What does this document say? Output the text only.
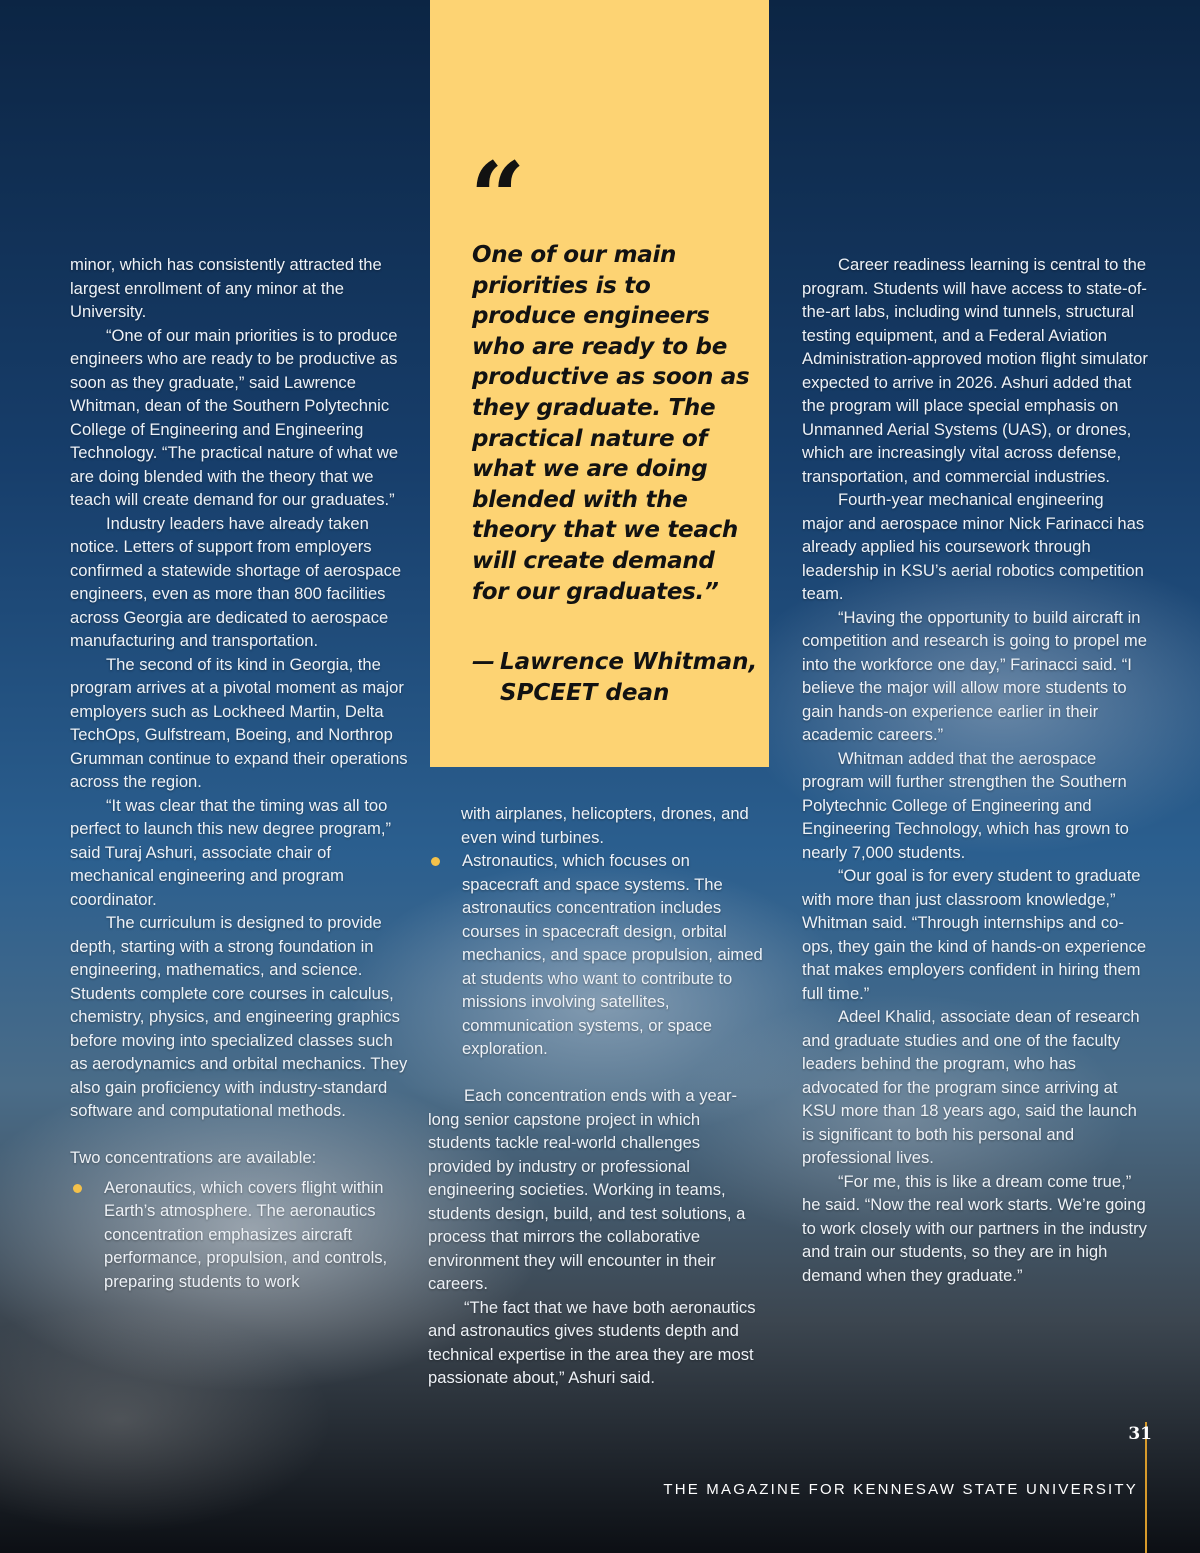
minor, which has consistently attracted the largest enrollment of any minor at the University.

“One of our main priorities is to produce engineers who are ready to be productive as soon as they graduate,” said Lawrence Whitman, dean of the Southern Polytechnic College of Engineering and Engineering Technology. “The practical nature of what we are doing blended with the theory that we teach will create demand for our graduates.”

Industry leaders have already taken notice. Letters of support from employers confirmed a statewide shortage of aerospace engineers, even as more than 800 facilities across Georgia are dedicated to aerospace manufacturing and transportation.

The second of its kind in Georgia, the program arrives at a pivotal moment as major employers such as Lockheed Martin, Delta TechOps, Gulfstream, Boeing, and Northrop Grumman continue to expand their operations across the region.

“It was clear that the timing was all too perfect to launch this new degree program,” said Turaj Ashuri, associate chair of mechanical engineering and program coordinator.

The curriculum is designed to provide depth, starting with a strong foundation in engineering, mathematics, and science. Students complete core courses in calculus, chemistry, physics, and engineering graphics before moving into specialized classes such as aerodynamics and orbital mechanics. They also gain proficiency with industry-standard software and computational methods.

Two concentrations are available:

Aeronautics, which covers flight within Earth’s atmosphere. The aeronautics concentration emphasizes aircraft performance, propulsion, and controls, preparing students to work
“
One of our main priorities is to produce engineers who are ready to be productive as soon as they graduate. The practical nature of what we are doing blended with the theory that we teach will create demand for our graduates.”
— Lawrence Whitman,
SPCEET dean

with airplanes, helicopters, drones, and even wind turbines.

Astronautics, which focuses on spacecraft and space systems. The astronautics concentration includes courses in spacecraft design, orbital mechanics, and space propulsion, aimed at students who want to contribute to missions involving satellites, communication systems, or space exploration.

Each concentration ends with a year-long senior capstone project in which students tackle real-world challenges provided by industry or professional engineering societies. Working in teams, students design, build, and test solutions, a process that mirrors the collaborative environment they will encounter in their careers.

“The fact that we have both aeronautics and astronautics gives students depth and technical expertise in the area they are most passionate about,” Ashuri said.

Career readiness learning is central to the program. Students will have access to state-of-the-art labs, including wind tunnels, structural testing equipment, and a Federal Aviation Administration-approved motion flight simulator expected to arrive in 2026. Ashuri added that the program will place special emphasis on Unmanned Aerial Systems (UAS), or drones, which are increasingly vital across defense, transportation, and commercial industries.

Fourth-year mechanical engineering major and aerospace minor Nick Farinacci has already applied his coursework through leadership in KSU’s aerial robotics competition team.

“Having the opportunity to build aircraft in competition and research is going to propel me into the workforce one day,” Farinacci said. “I believe the major will allow more students to gain hands-on experience earlier in their academic careers.”

Whitman added that the aerospace program will further strengthen the Southern Polytechnic College of Engineering and Engineering Technology, which has grown to nearly 7,000 students.

“Our goal is for every student to graduate with more than just classroom knowledge,” Whitman said. “Through internships and co-ops, they gain the kind of hands-on experience that makes employers confident in hiring them full time.”

Adeel Khalid, associate dean of research and graduate studies and one of the faculty leaders behind the program, who has advocated for the program since arriving at KSU more than 18 years ago, said the launch is significant to both his personal and professional lives.

“For me, this is like a dream come true,” he said. “Now the real work starts. We’re going to work closely with our partners in the industry and train our students, so they are in high demand when they graduate.”

31
THE MAGAZINE FOR KENNESAW STATE UNIVERSITY
